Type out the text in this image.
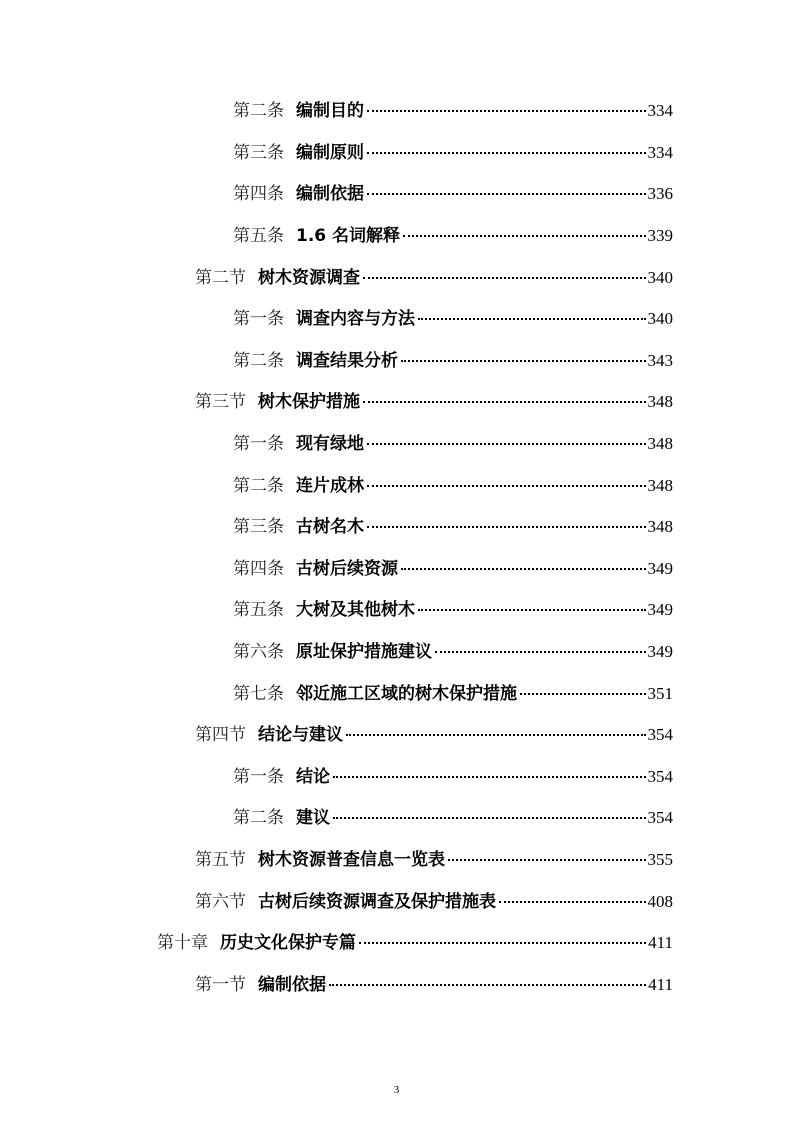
第二条 编制目的	334
第三条 编制原则	334
第四条 编制依据	336
第五条 1.6 名词解释	339
第二节 树木资源调查	340
第一条 调查内容与方法	340
第二条 调查结果分析	343
第三节 树木保护措施	348
第一条 现有绿地	348
第二条 连片成林	348
第三条 古树名木	348
第四条 古树后续资源	349
第五条 大树及其他树木	349
第六条 原址保护措施建议	349
第七条 邻近施工区域的树木保护措施	351
第四节 结论与建议	354
第一条 结论	354
第二条 建议	354
第五节 树木资源普查信息一览表	355
第六节 古树后续资源调查及保护措施表	408
第十章 历史文化保护专篇	411
第一节 编制依据	411
3
